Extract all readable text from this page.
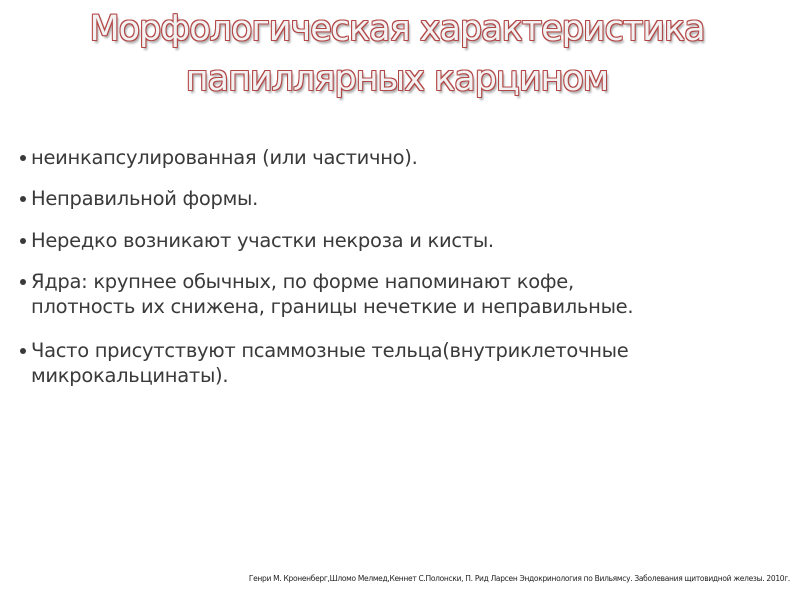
Морфологическая характеристика
папиллярных карцином
неинкапсулированная (или частично).
Неправильной формы.
Нередко возникают участки некроза и кисты.
Ядра: крупнее обычных, по форме напоминают кофе,
плотность их снижена, границы нечеткие и неправильные.
Часто присутствуют псаммозные тельца(внутриклеточные
микрокальцинаты).
Генри М. Кроненберг,Шломо Мелмед,Кеннет С.Полонски, П. Рид Ларсен Эндокринология по Вильямсу. Заболевания щитовидной железы. 2010г.
